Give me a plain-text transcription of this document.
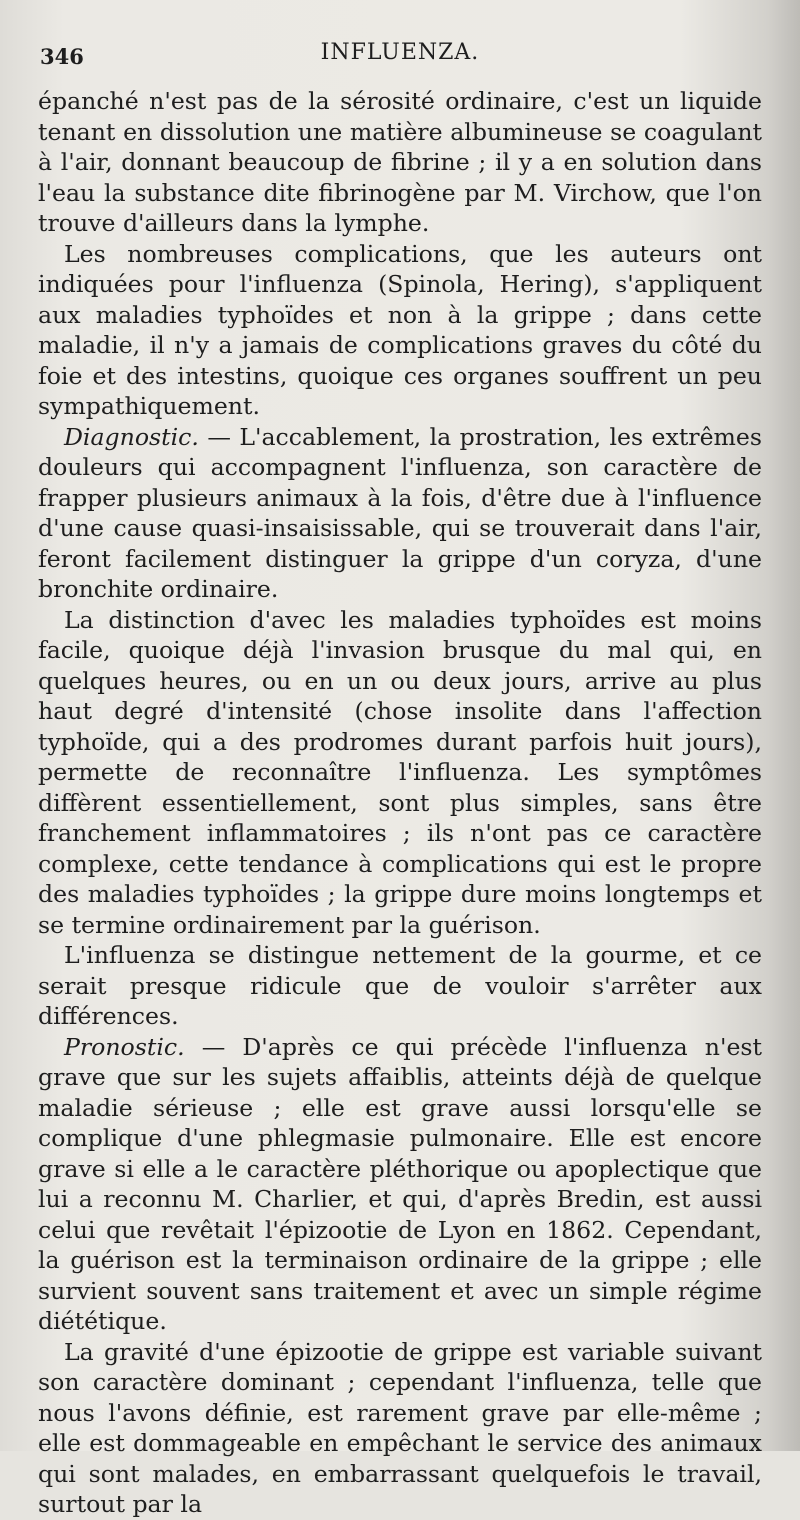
346	INFLUENZA.

épanché n'est pas de la sérosité ordinaire, c'est un liquide tenant en dissolution une matière albumineuse se coagulant à l'air, donnant beaucoup de fibrine ; il y a en solution dans l'eau la substance dite fibrinogène par M. Virchow, que l'on trouve d'ailleurs dans la lymphe.

Les nombreuses complications, que les auteurs ont indiquées pour l'influenza (Spinola, Hering), s'appliquent aux maladies typhoïdes et non à la grippe ; dans cette maladie, il n'y a jamais de complications graves du côté du foie et des intestins, quoique ces organes souffrent un peu sympathiquement.

Diagnostic. — L'accablement, la prostration, les extrêmes douleurs qui accompagnent l'influenza, son caractère de frapper plusieurs animaux à la fois, d'être due à l'influence d'une cause quasi-insaisissable, qui se trouverait dans l'air, feront facilement distinguer la grippe d'un coryza, d'une bronchite ordinaire.

La distinction d'avec les maladies typhoïdes est moins facile, quoique déjà l'invasion brusque du mal qui, en quelques heures, ou en un ou deux jours, arrive au plus haut degré d'intensité (chose insolite dans l'affection typhoïde, qui a des prodromes durant parfois huit jours), permette de reconnaître l'influenza. Les symptômes diffèrent essentiellement, sont plus simples, sans être franchement inflammatoires ; ils n'ont pas ce caractère complexe, cette tendance à complications qui est le propre des maladies typhoïdes ; la grippe dure moins longtemps et se termine ordinairement par la guérison.

L'influenza se distingue nettement de la gourme, et ce serait presque ridicule que de vouloir s'arrêter aux différences.

Pronostic. — D'après ce qui précède l'influenza n'est grave que sur les sujets affaiblis, atteints déjà de quelque maladie sérieuse ; elle est grave aussi lorsqu'elle se complique d'une phlegmasie pulmonaire. Elle est encore grave si elle a le caractère pléthorique ou apoplectique que lui a reconnu M. Charlier, et qui, d'après Bredin, est aussi celui que revêtait l'épizootie de Lyon en 1862. Cependant, la guérison est la terminaison ordinaire de la grippe ; elle survient souvent sans traitement et avec un simple régime diététique.

La gravité d'une épizootie de grippe est variable suivant son caractère dominant ; cependant l'influenza, telle que nous l'avons définie, est rarement grave par elle-même ; elle est dommageable en empêchant le service des animaux qui sont malades, en embarrassant quelquefois le travail, surtout par la
